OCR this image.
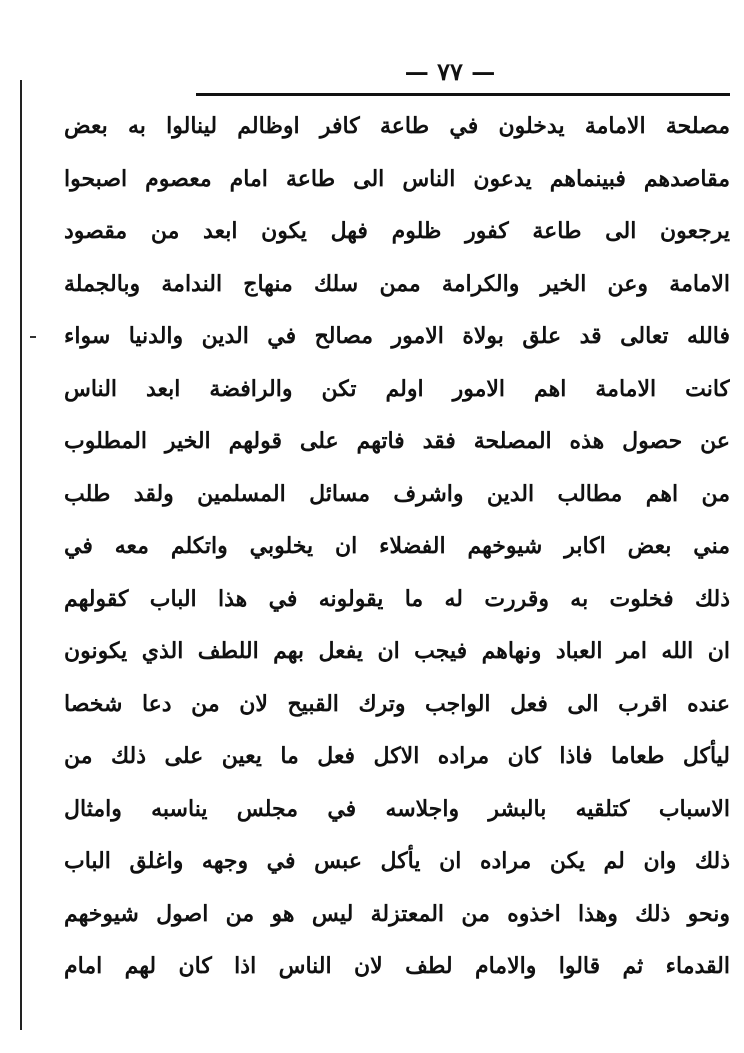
— ٧٧ —
مصلحة الامامة يدخلون في طاعة كافر اوظالم لينالوا به بعض
مقاصدهم فبينماهم يدعون الناس الى طاعة امام معصوم اصبحوا
يرجعون الى طاعة كفور ظلوم فهل يكون ابعد من مقصود
الامامة وعن الخير والكرامة ممن سلك منهاج الندامة وبالجملة
فالله تعالى قد علق بولاة الامور مصالح في الدين والدنيا سواء
كانت الامامة اهم الامور اولم تكن والرافضة ابعد الناس
عن حصول هذه المصلحة فقد فاتهم على قولهم الخير المطلوب
من اهم مطالب الدين واشرف مسائل المسلمين ولقد طلب
مني بعض اكابر شيوخهم الفضلاء ان يخلوبي واتكلم معه في
ذلك فخلوت به وقررت له ما يقولونه في هذا الباب كقولهم
ان الله امر العباد ونهاهم فيجب ان يفعل بهم اللطف الذي يكونون
عنده اقرب الى فعل الواجب وترك القبيح لان من دعا شخصا
ليأكل طعاما فاذا كان مراده الاكل فعل ما يعين على ذلك من
الاسباب كتلقيه بالبشر واجلاسه في مجلس يناسبه وامثال
ذلك وان لم يكن مراده ان يأكل عبس في وجهه واغلق الباب
ونحو ذلك وهذا اخذوه من المعتزلة ليس هو من اصول شيوخهم
القدماء ثم قالوا والامام لطف لان الناس اذا كان لهم امام
